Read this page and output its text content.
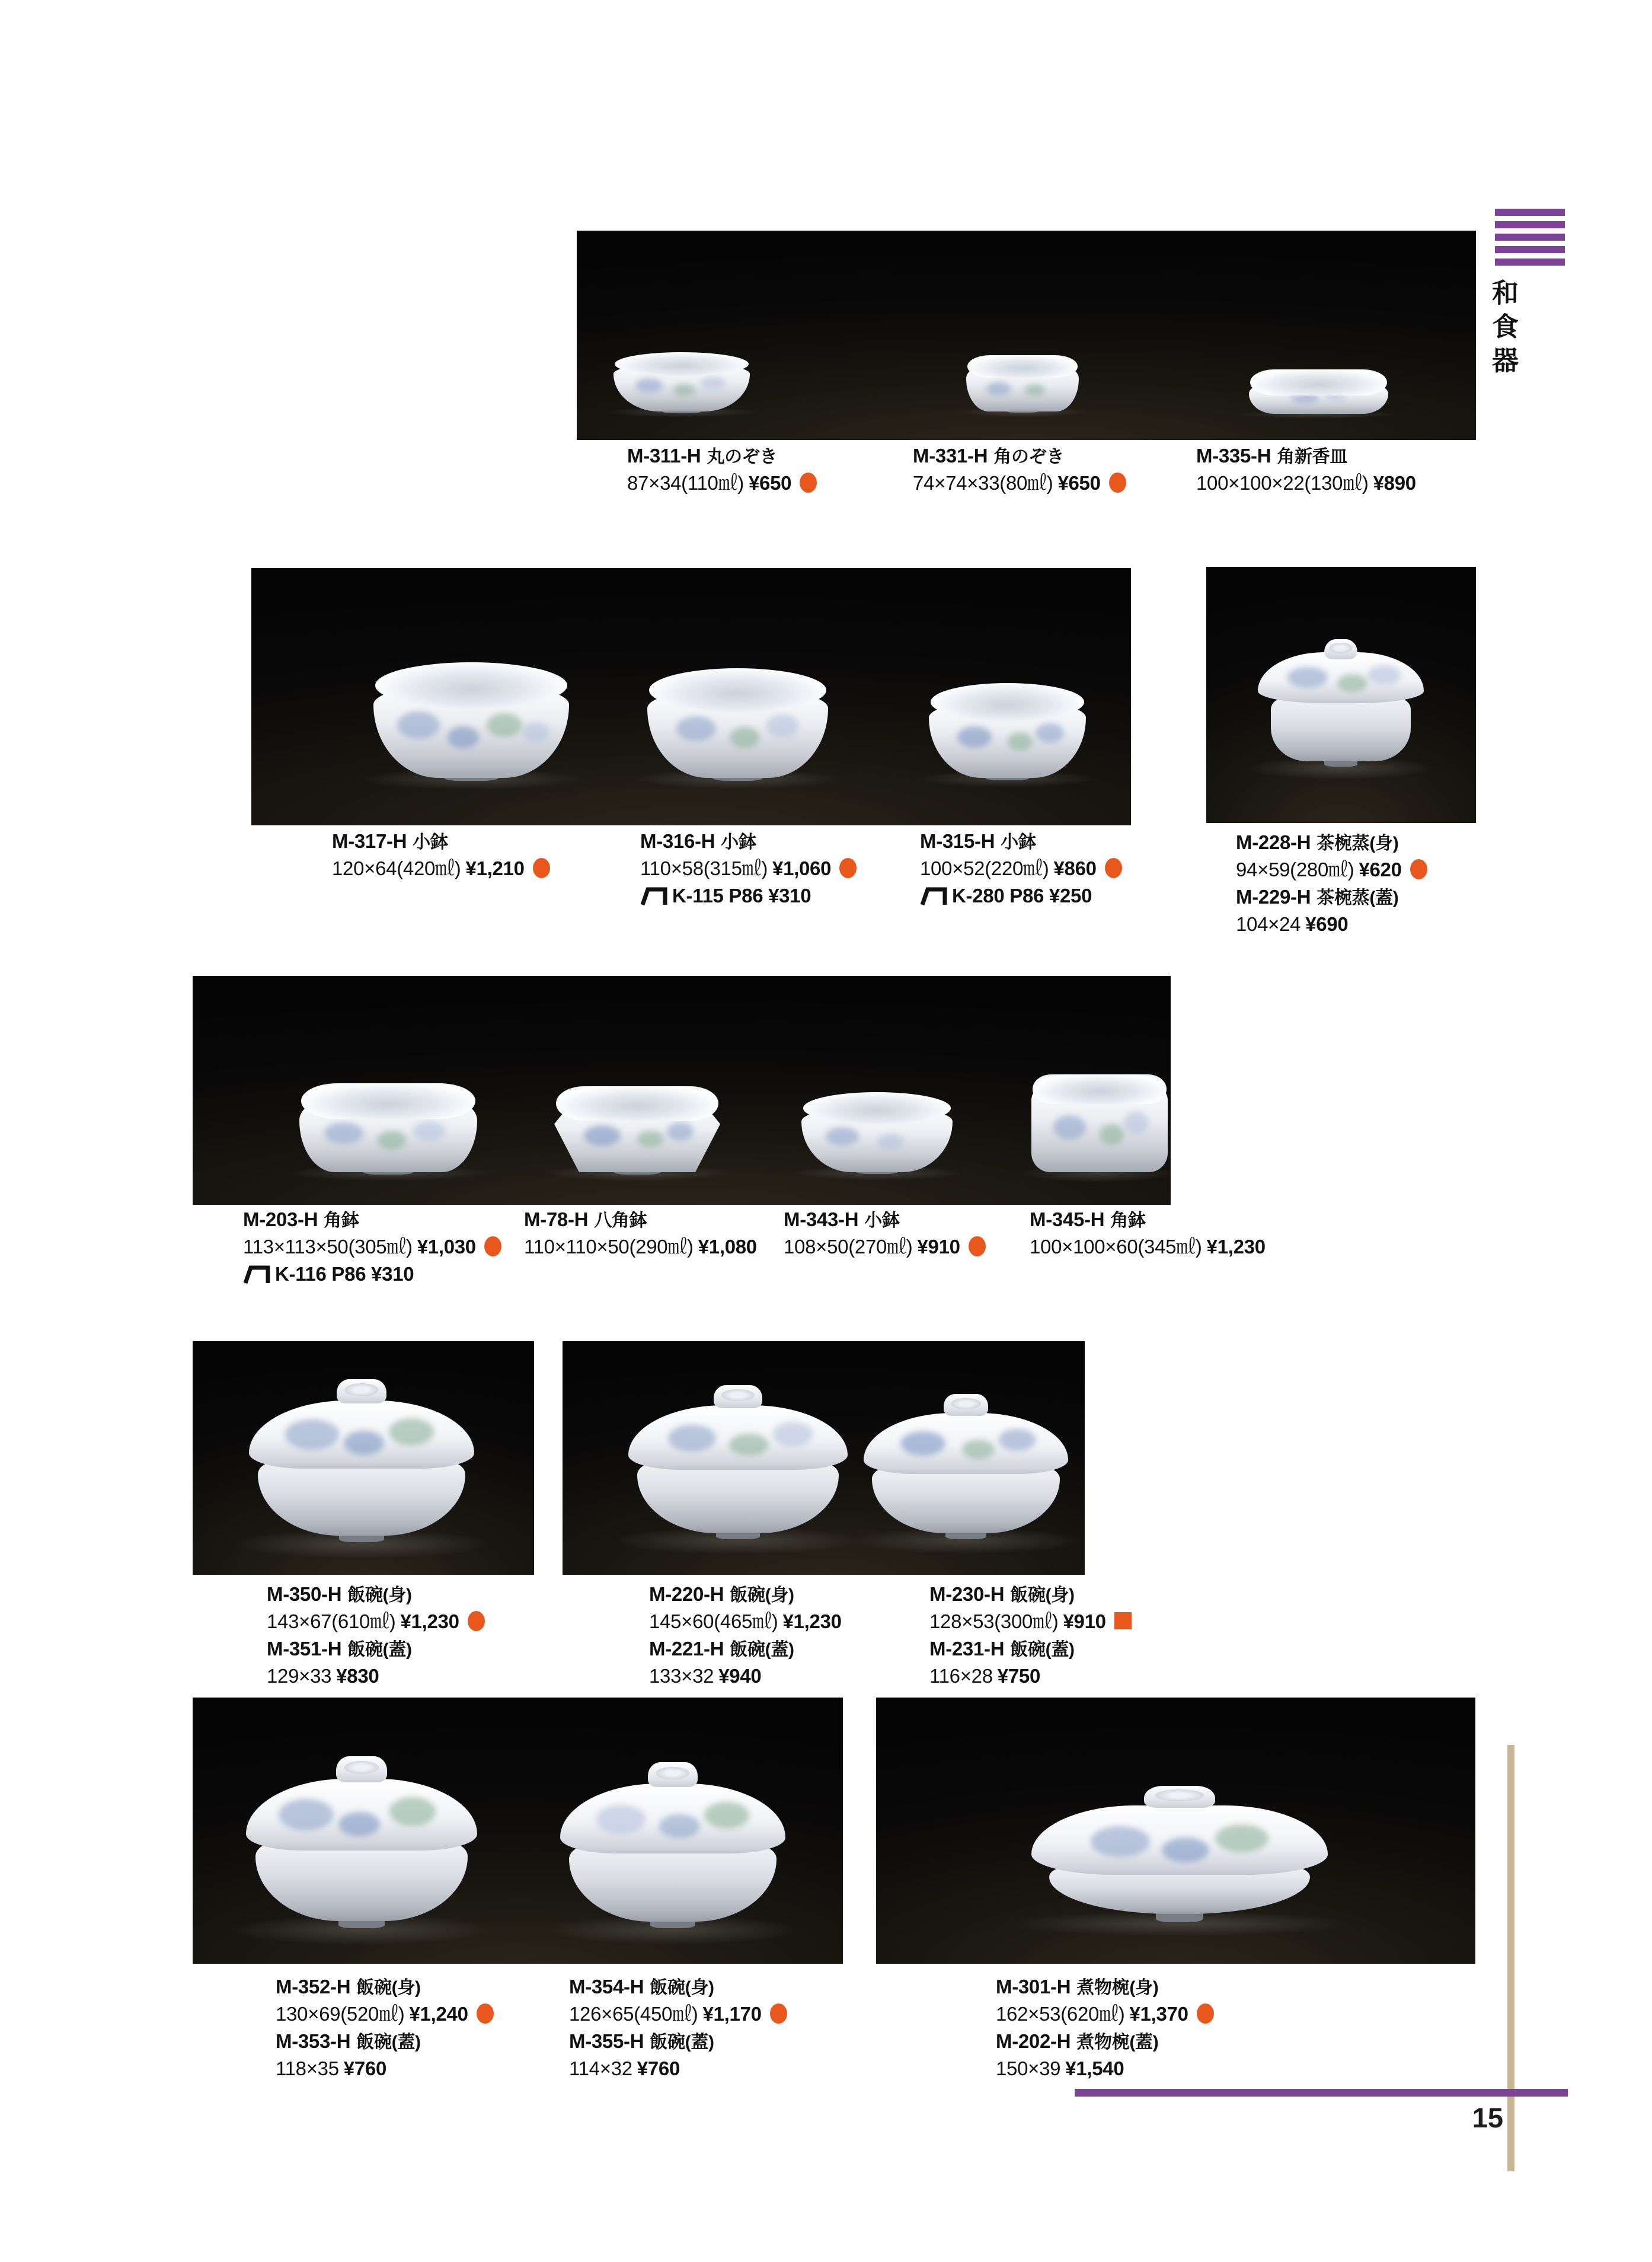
M-311-H 丸のぞき
87×34(110㎖) ¥650
M-331-H 角のぞき
74×74×33(80㎖) ¥650
M-335-H 角新香皿
100×100×22(130㎖) ¥890
M-317-H 小鉢
120×64(420㎖) ¥1,210
M-316-H 小鉢
110×58(315㎖) ¥1,060
K-115 P86 ¥310
M-315-H 小鉢
100×52(220㎖) ¥860
K-280 P86 ¥250
M-228-H 茶椀蒸(身)
94×59(280㎖) ¥620
M-229-H 茶椀蒸(蓋)
104×24 ¥690
M-203-H 角鉢
113×113×50(305㎖) ¥1,030
K-116 P86 ¥310
M-78-H 八角鉢
110×110×50(290㎖) ¥1,080
M-343-H 小鉢
108×50(270㎖) ¥910
M-345-H 角鉢
100×100×60(345㎖) ¥1,230
M-350-H 飯碗(身)
143×67(610㎖) ¥1,230
M-351-H 飯碗(蓋)
129×33 ¥830
M-220-H 飯碗(身)
145×60(465㎖) ¥1,230
M-221-H 飯碗(蓋)
133×32 ¥940
M-230-H 飯碗(身)
128×53(300㎖) ¥910
M-231-H 飯碗(蓋)
116×28 ¥750
M-352-H 飯碗(身)
130×69(520㎖) ¥1,240
M-353-H 飯碗(蓋)
118×35 ¥760
M-354-H 飯碗(身)
126×65(450㎖) ¥1,170
M-355-H 飯碗(蓋)
114×32 ¥760
M-301-H 煮物椀(身)
162×53(620㎖) ¥1,370
M-202-H 煮物椀(蓋)
150×39 ¥1,540
和食器
15
